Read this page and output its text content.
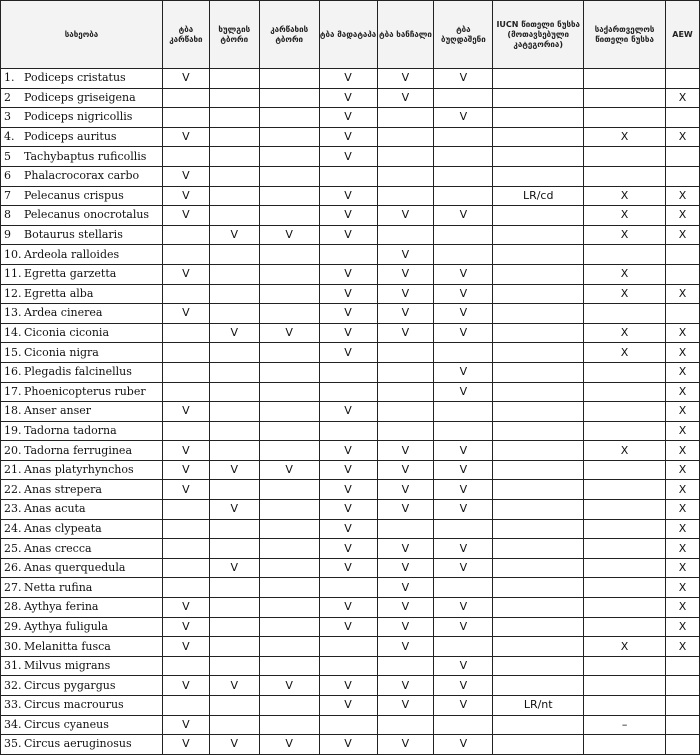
სახეობა	ტბა კარწახი	ხულგის ტბორი	კარწახის ტბორი	ტბა მადატაპა	ტბა ხანჩალი	ტბა ბუღდაშენი	IUCN წითელი ნუსხა (მოთავსებული კატეგორია)	საქართველოს წითელი ნუსხა	AEW
1. Podiceps cristatus	V			V	V	V			
2 Podiceps griseigena				V	V				X
3 Podiceps nigricollis				V		V			
4. Podiceps auritus	V			V				X	X
5 Tachybaptus ruficollis				V					
6 Phalacrocorax carbo	V								
7 Pelecanus crispus	V			V			LR/cd	X	X
8 Pelecanus onocrotalus	V			V	V	V		X	X
9 Botaurus stellaris		V	V	V				X	X
10. Ardeola ralloides					V				
11. Egretta garzetta	V			V	V	V		X	
12. Egretta alba				V	V	V		X	X
13. Ardea cinerea	V			V	V	V			
14. Ciconia ciconia		V	V	V	V	V		X	X
15. Ciconia nigra				V				X	X
16. Plegadis falcinellus						V			X
17. Phoenicopterus ruber						V			X
18. Anser anser	V			V					X
19. Tadorna tadorna									X
20. Tadorna ferruginea	V			V	V	V		X	X
21. Anas platyrhynchos	V	V	V	V	V	V			X
22. Anas strepera	V			V	V	V			X
23. Anas acuta		V		V	V	V			X
24. Anas clypeata				V					X
25. Anas crecca				V	V	V			X
26. Anas querquedula		V		V	V	V			X
27. Netta rufina					V				X
28. Aythya ferina	V			V	V	V			X
29. Aythya fuligula	V			V	V	V			X
30. Melanitta fusca	V				V			X	X
31. Milvus migrans						V			
32. Circus pygargus	V	V	V	V	V	V			
33. Circus macrourus				V	V	V	LR/nt		
34. Circus cyaneus	V							–	
35. Circus aeruginosus	V	V	V	V	V	V			
